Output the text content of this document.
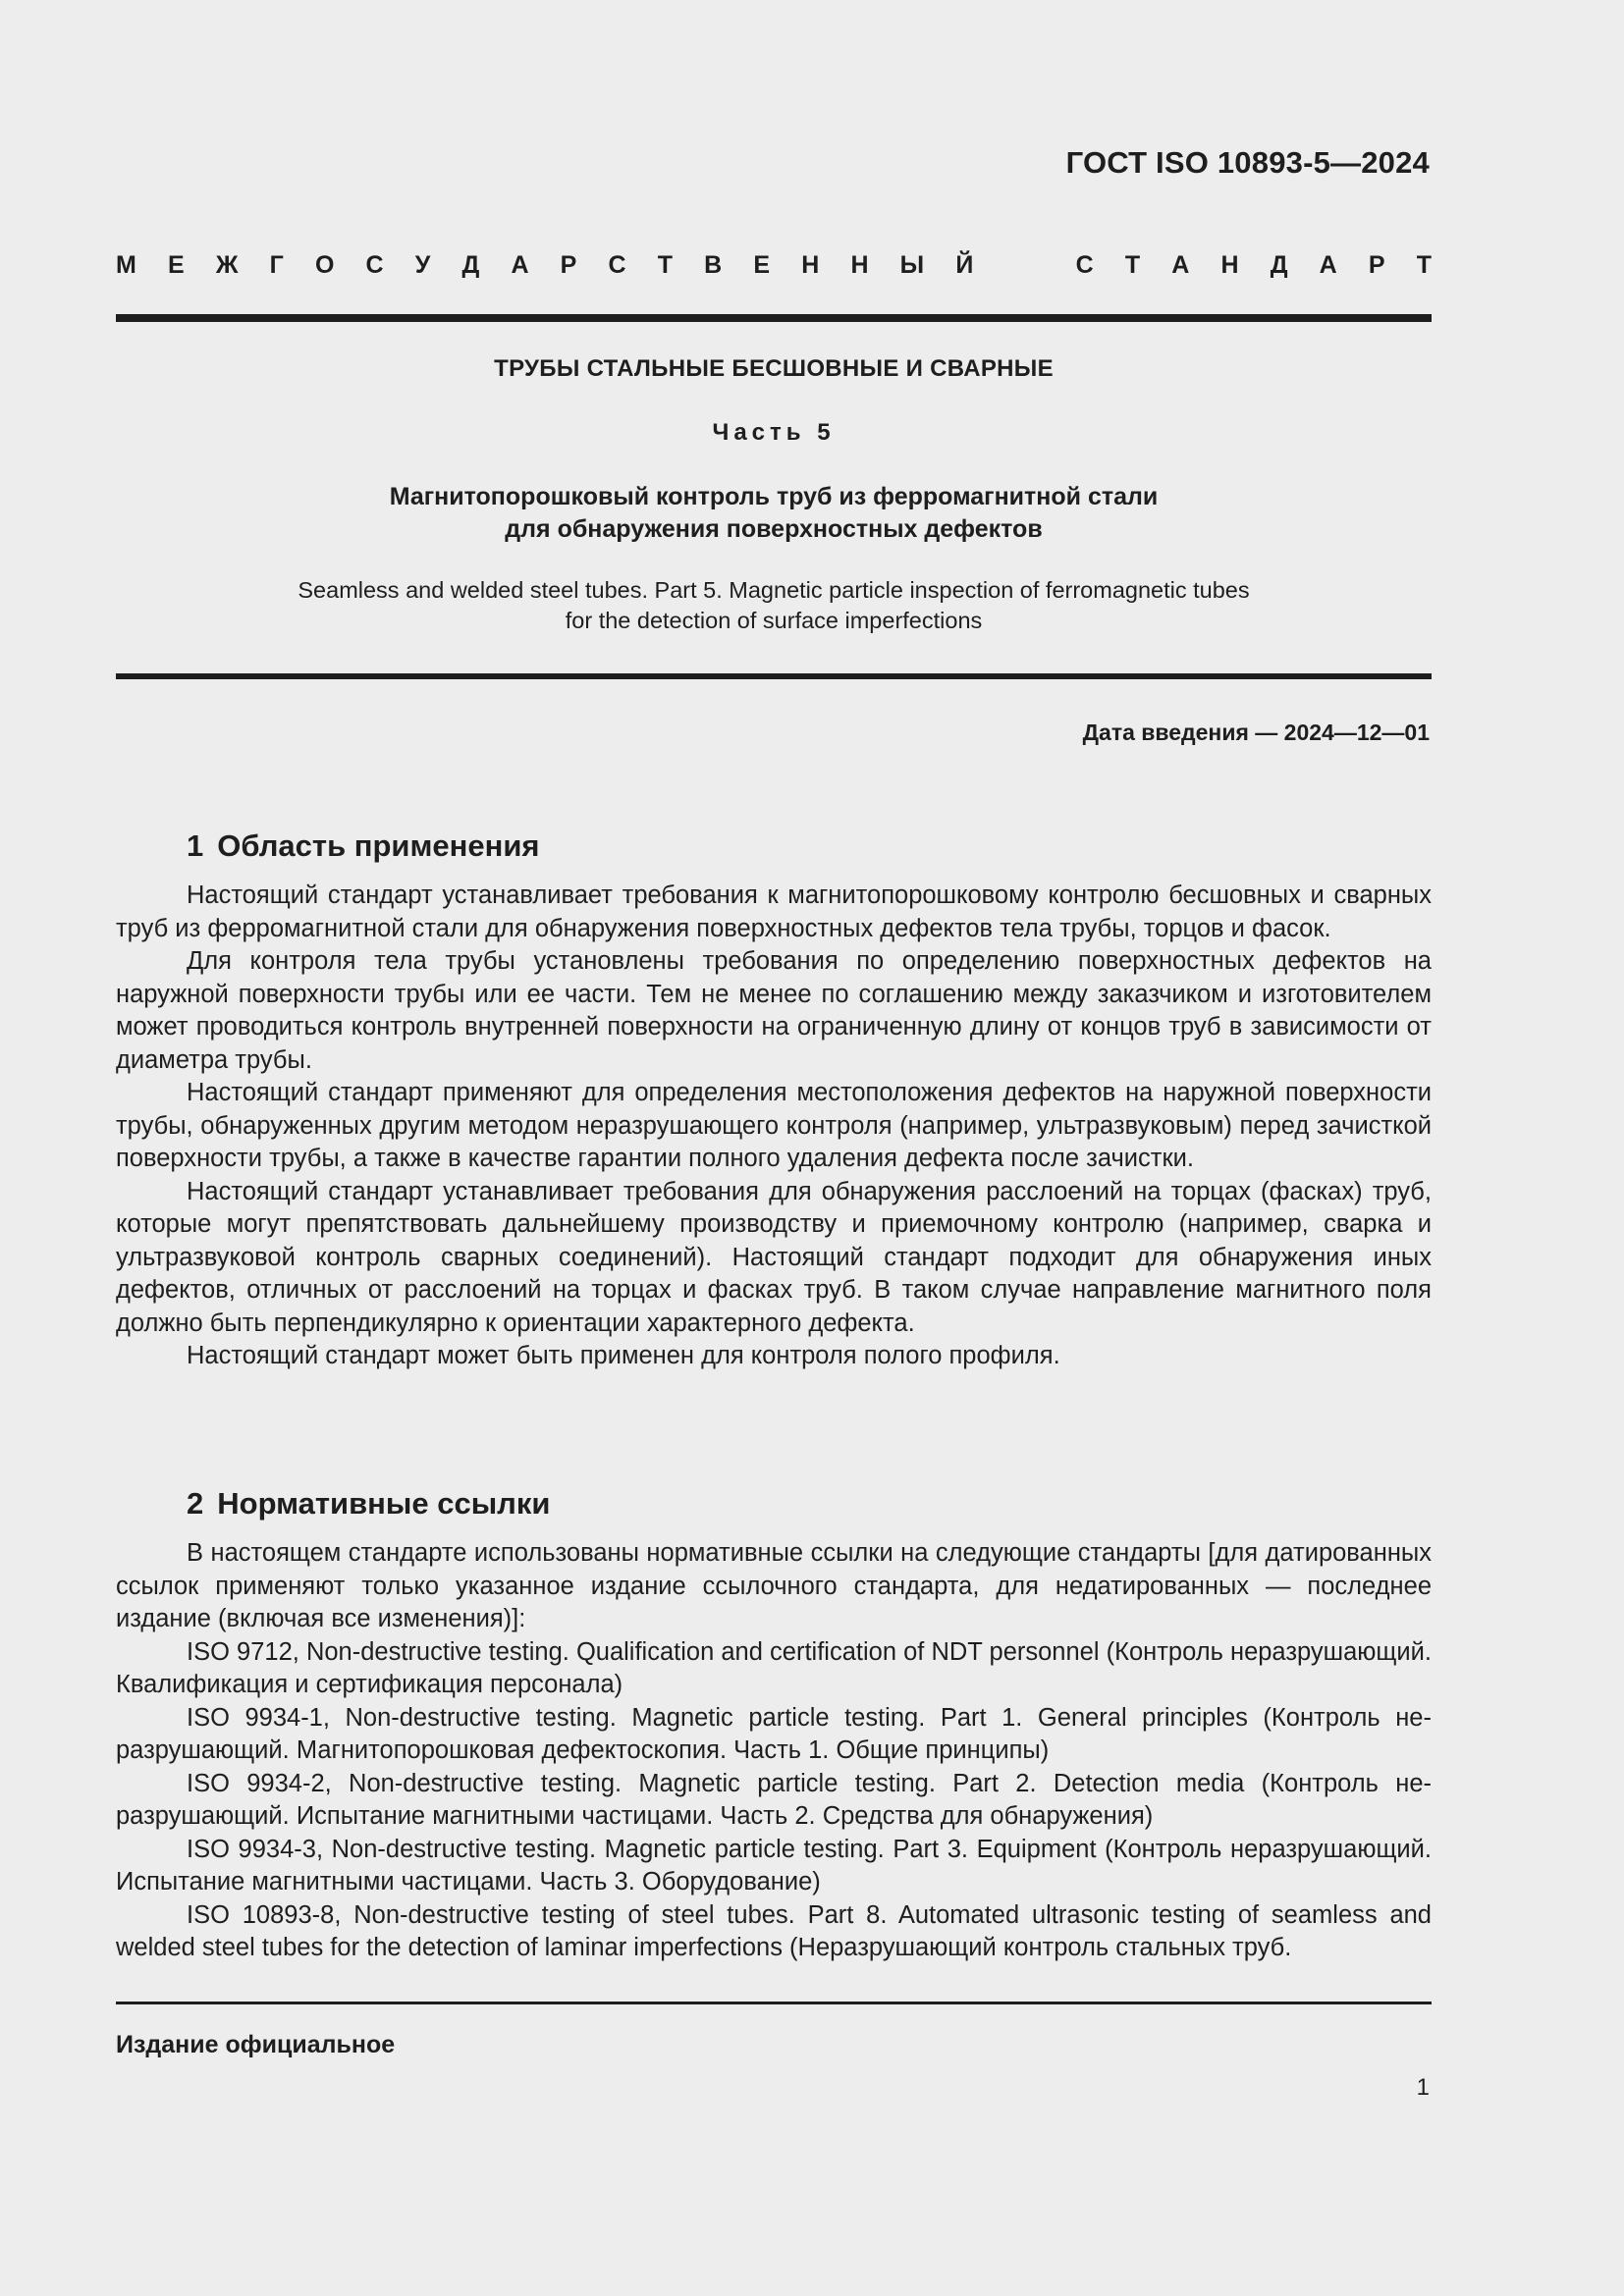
ГОСТ ISO 10893-5—2024
М Е Ж Г О С У Д А Р С Т В Е Н Н Ы Й	С Т А Н Д А Р Т
ТРУБЫ СТАЛЬНЫЕ БЕСШОВНЫЕ И СВАРНЫЕ
Часть 5
Магнитопорошковый контроль труб из ферромагнитной стали
для обнаружения поверхностных дефектов
Seamless and welded steel tubes. Part 5. Magnetic particle inspection of ferromagnetic tubes
for the detection of surface imperfections
Дата введения — 2024—12—01
1 Область применения

Настоящий стандарт устанавливает требования к магнитопорошковому контролю бесшовных и сварных труб из ферромагнитной стали для обнаружения поверхностных дефектов тела трубы, торцов и фасок.

Для контроля тела трубы установлены требования по определению поверхностных дефектов на наружной поверхности трубы или ее части. Тем не менее по соглашению между заказчиком и изготовителем может проводиться контроль внутренней поверхности на ограниченную длину от концов труб в зависимости от диаметра трубы.

Настоящий стандарт применяют для определения местоположения дефектов на наружной поверхности трубы, обнаруженных другим методом неразрушающего контроля (например, ультразвуковым) перед зачисткой поверхности трубы, а также в качестве гарантии полного удаления дефекта после зачистки.

Настоящий стандарт устанавливает требования для обнаружения расслоений на торцах (фасках) труб, которые могут препятствовать дальнейшему производству и приемочному контролю (например, сварка и ультразвуковой контроль сварных соединений). Настоящий стандарт подходит для обнаружения иных дефектов, отличных от расслоений на торцах и фасках труб. В таком случае направление магнитного поля должно быть перпендикулярно к ориентации характерного дефекта.

Настоящий стандарт может быть применен для контроля полого профиля.

2 Нормативные ссылки

В настоящем стандарте использованы нормативные ссылки на следующие стандарты [для датированных ссылок применяют только указанное издание ссылочного стандарта, для недатированных — последнее издание (включая все изменения)]:

ISO 9712, Non-destructive testing. Qualification and certification of NDT personnel (Контроль неразрушающий. Квалификация и сертификация персонала)

ISO 9934-1, Non-destructive testing. Magnetic particle testing. Part 1. General principles (Контроль неразрушающий. Магнитопорошковая дефектоскопия. Часть 1. Общие принципы)

ISO 9934-2, Non-destructive testing. Magnetic particle testing. Part 2. Detection media (Контроль неразрушающий. Испытание магнитными частицами. Часть 2. Средства для обнаружения)

ISO 9934-3, Non-destructive testing. Magnetic particle testing. Part 3. Equipment (Контроль неразрушающий. Испытание магнитными частицами. Часть 3. Оборудование)

ISO 10893-8, Non-destructive testing of steel tubes. Part 8. Automated ultrasonic testing of seamless and welded steel tubes for the detection of laminar imperfections (Неразрушающий контроль стальных труб.

Издание официальное
1
